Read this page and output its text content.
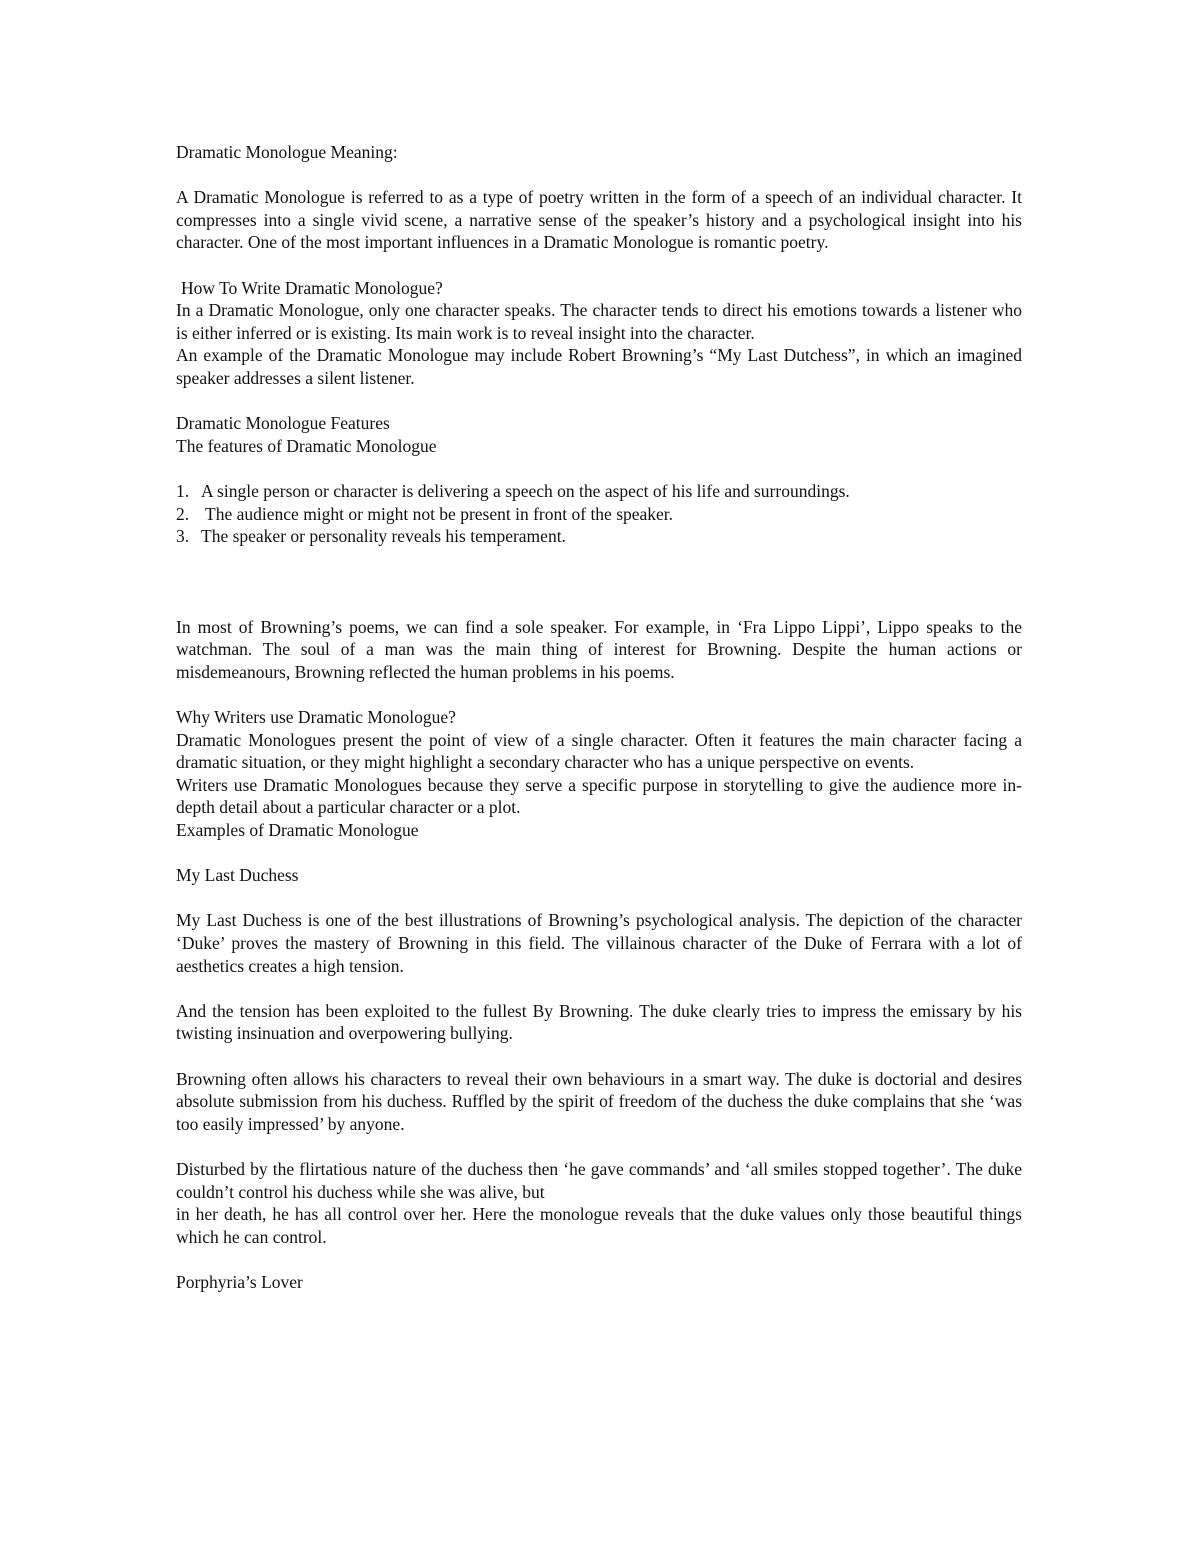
Dramatic Monologue Meaning:

A Dramatic Monologue is referred to as a type of poetry written in the form of a speech of an individual character. It compresses into a single vivid scene, a narrative sense of the speaker’s history and a psychological insight into his character. One of the most important influences in a Dramatic Monologue is romantic poetry.

How To Write Dramatic Monologue?

In a Dramatic Monologue, only one character speaks. The character tends to direct his emotions towards a listener who is either inferred or is existing. Its main work is to reveal insight into the character.

An example of the Dramatic Monologue may include Robert Browning’s “My Last Dutchess”, in which an imagined speaker addresses a silent listener.

Dramatic Monologue Features

The features of Dramatic Monologue

1. A single person or character is delivering a speech on the aspect of his life and surroundings.
2. The audience might or might not be present in front of the speaker.
3. The speaker or personality reveals his temperament.

In most of Browning’s poems, we can find a sole speaker. For example, in ‘Fra Lippo Lippi’, Lippo speaks to the watchman. The soul of a man was the main thing of interest for Browning. Despite the human actions or misdemeanours, Browning reflected the human problems in his poems.

Why Writers use Dramatic Monologue?

Dramatic Monologues present the point of view of a single character. Often it features the main character facing a dramatic situation, or they might highlight a secondary character who has a unique perspective on events.

Writers use Dramatic Monologues because they serve a specific purpose in storytelling to give the audience more in-depth detail about a particular character or a plot.

Examples of Dramatic Monologue

My Last Duchess

My Last Duchess is one of the best illustrations of Browning’s psychological analysis. The depiction of the character ‘Duke’ proves the mastery of Browning in this field. The villainous character of the Duke of Ferrara with a lot of aesthetics creates a high tension.

And the tension has been exploited to the fullest By Browning. The duke clearly tries to impress the emissary by his twisting insinuation and overpowering bullying.

Browning often allows his characters to reveal their own behaviours in a smart way. The duke is doctorial and desires absolute submission from his duchess. Ruffled by the spirit of freedom of the duchess the duke complains that she ‘was too easily impressed’ by anyone.

Disturbed by the flirtatious nature of the duchess then ‘he gave commands’ and ‘all smiles stopped together’. The duke couldn’t control his duchess while she was alive, but

in her death, he has all control over her. Here the monologue reveals that the duke values only those beautiful things which he can control.

Porphyria’s Lover
